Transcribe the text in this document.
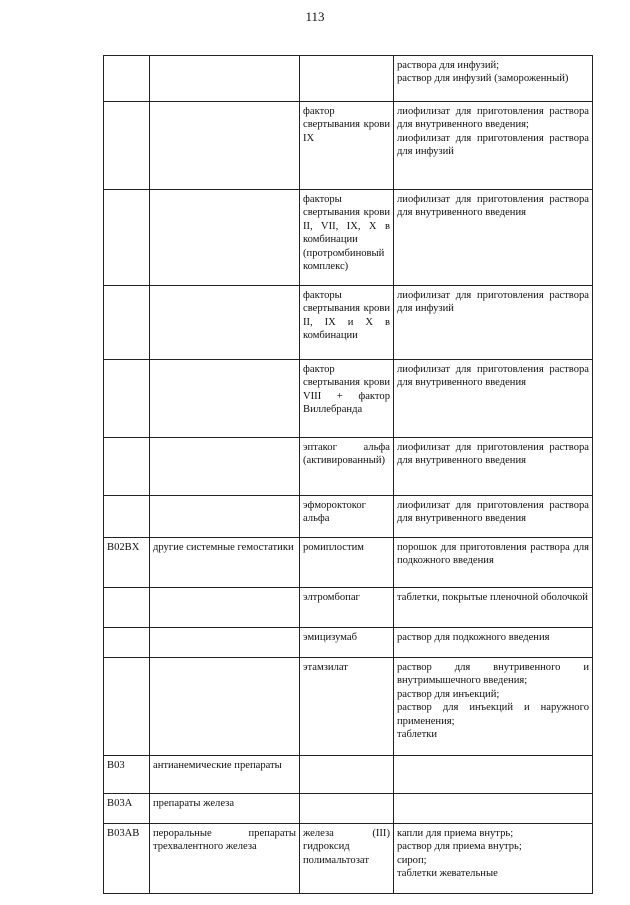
113
			раствора для инфузий;
раствор для инфузий (замороженный)
		фактор свертывания крови IX	лиофилизат для приготовления раствора для внутривенного введения;
лиофилизат для приготовления раствора для инфузий
		факторы свертывания крови II, VII, IX, X в комбинации (протромбиновый комплекс)	лиофилизат для приготовления раствора для внутривенного введения
		факторы свертывания крови II, IX и X в комбинации	лиофилизат для приготовления раствора для инфузий
		фактор свертывания крови VIII + фактор Виллебранда	лиофилизат для приготовления раствора для внутривенного введения
		эптаког альфа (активированный)	лиофилизат для приготовления раствора для внутривенного введения
		эфмороктоког альфа	лиофилизат для приготовления раствора для внутривенного введения
B02BX	другие системные гемостатики	ромиплостим	порошок для приготовления раствора для подкожного введения
		элтромбопаг	таблетки, покрытые пленочной оболочкой
		эмицизумаб	раствор для подкожного введения
		этамзилат	раствор для внутривенного и внутримышечного введения;
раствор для инъекций;
раствор для инъекций и наружного применения;
таблетки
B03	антианемические препараты		
B03A	препараты железа		
B03AB	пероральные препараты трехвалентного железа	железа (III) гидроксид полимальтозат	капли для приема внутрь;
раствор для приема внутрь;
сироп;
таблетки жевательные
